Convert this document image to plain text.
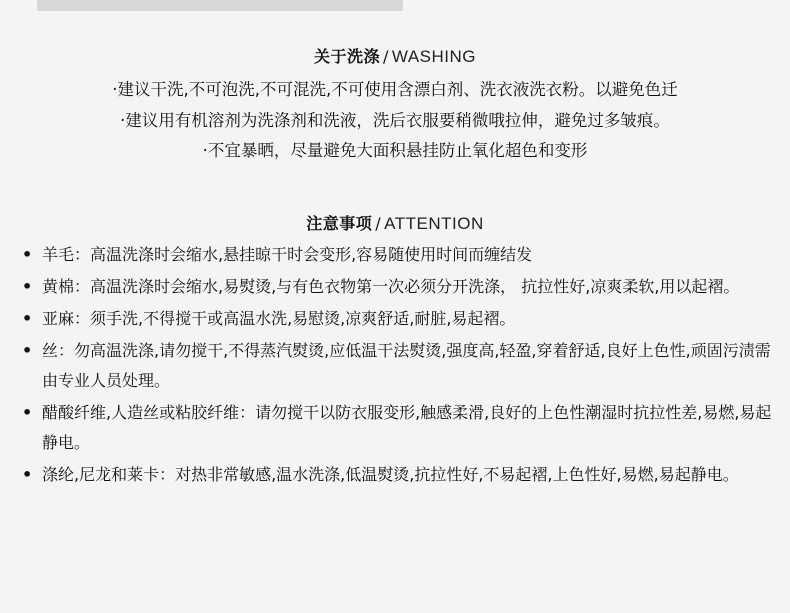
关于洗涤 / WASHING
·建议干洗,不可泡洗,不可混洗,不可使用含漂白剂、洗衣液洗衣粉。以避免色迁
·建议用有机溶剂为洗涤剂和洗液，洗后衣服要稍微哦拉伸，避免过多皱痕。
·不宜暴晒，尽量避免大面积悬挂防止氧化超色和变形
注意事项 / ATTENTION
• 羊毛：高温洗涤时会缩水,悬挂晾干时会变形,容易随使用时间而缠结发
• 黄棉：高温洗涤时会缩水,易熨烫,与有色衣物第一次必须分开洗涤， 抗拉性好,凉爽柔软,用以起褶。
• 亚麻：须手洗,不得搅干或高温水洗,易慰烫,凉爽舒适,耐脏,易起褶。
• 丝：勿高温洗涤,请勿搅干,不得蒸汽熨烫,应低温干法熨烫,强度高,轻盈,穿着舒适,良好上色性,顽固污渍需由专业人员处理。
• 醋酸纤维,人造丝或粘胶纤维：请勿搅干以防衣服变形,触感柔滑,良好的上色性潮湿时抗拉性差,易燃,易起静电。
• 涤纶,尼龙和莱卡：对热非常敏感,温水洗涤,低温熨烫,抗拉性好,不易起褶,上色性好,易燃,易起静电。
